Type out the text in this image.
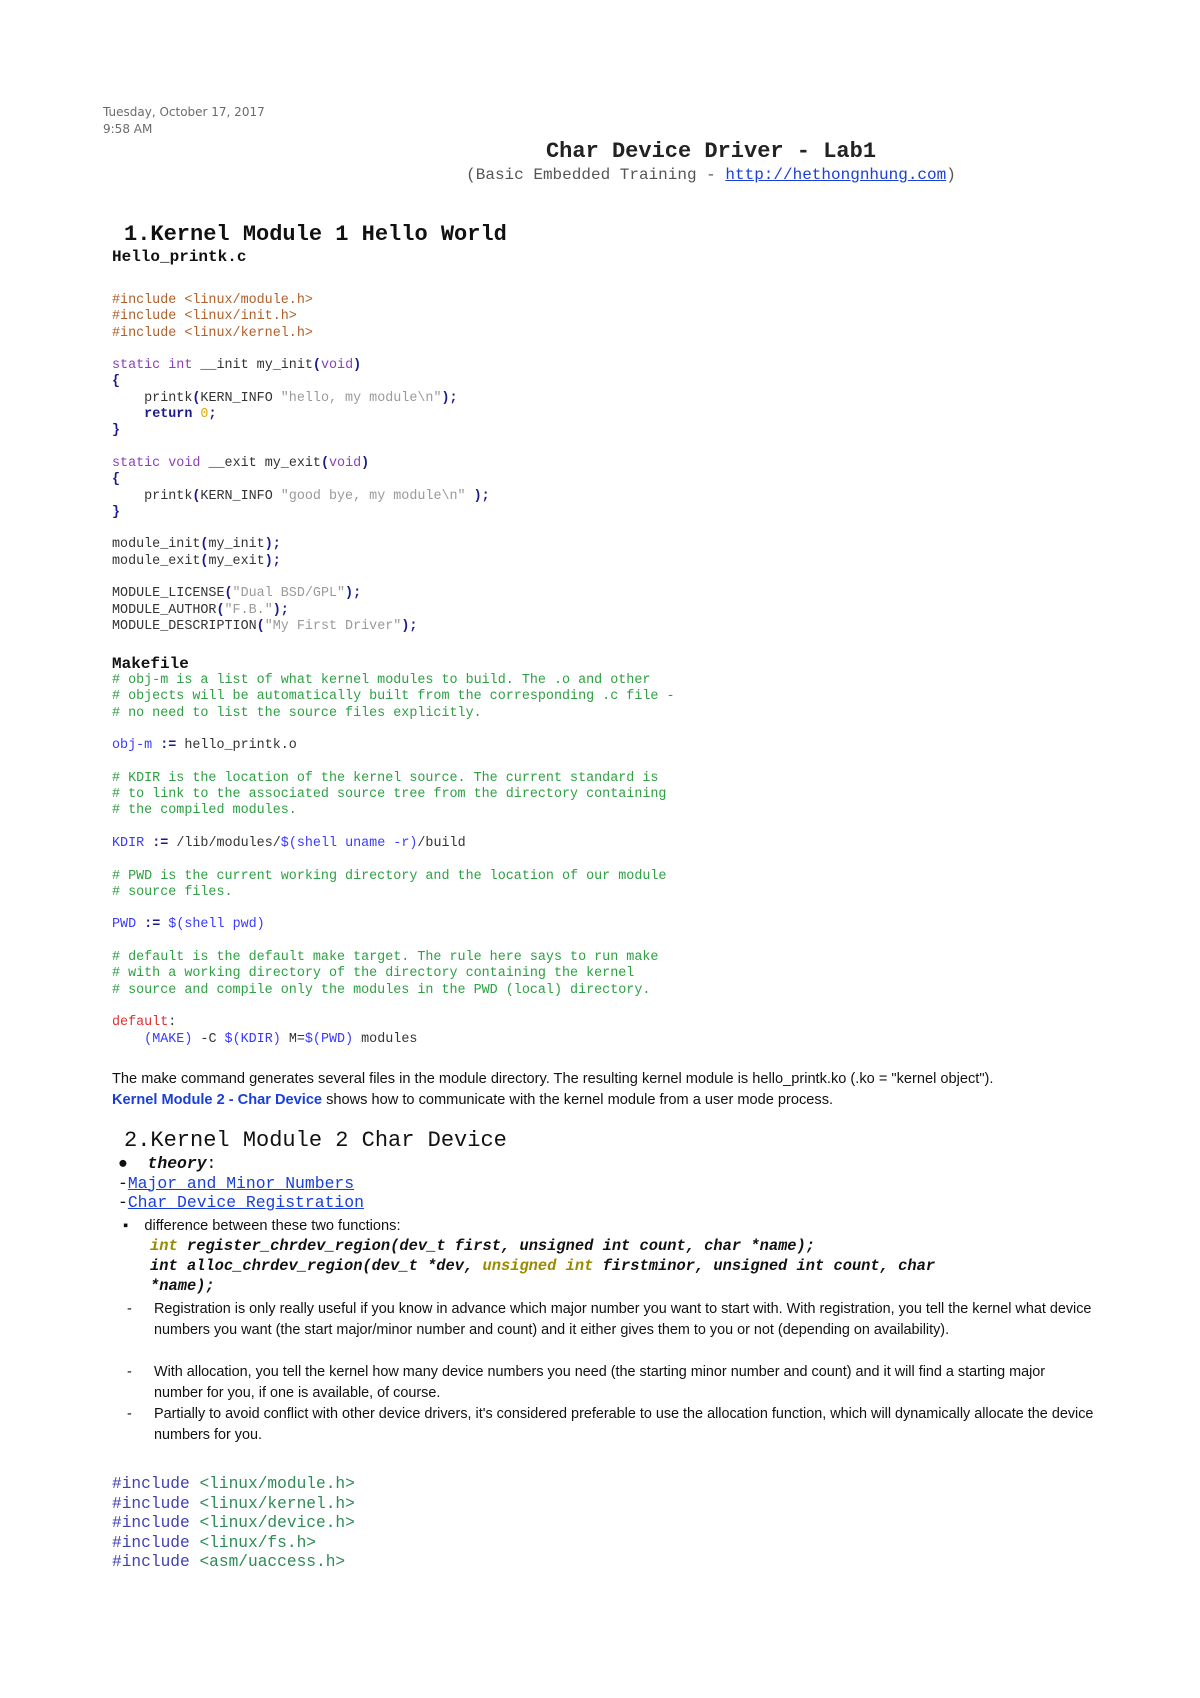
Tuesday, October 17, 2017
9:58 AM
Char Device Driver - Lab1
(Basic Embedded Training - http://hethongnhung.com)
1.Kernel Module 1 Hello World
Hello_printk.c
#include <linux/module.h>
#include <linux/init.h>
#include <linux/kernel.h>

static int __init my_init(void)
{
printk(KERN_INFO "hello, my module\n");
return 0;
}

static void __exit my_exit(void)
{
printk(KERN_INFO "good bye, my module\n" );
}

module_init(my_init);
module_exit(my_exit);

MODULE_LICENSE("Dual BSD/GPL");
MODULE_AUTHOR("F.B.");
MODULE_DESCRIPTION("My First Driver");
Makefile
# obj-m is a list of what kernel modules to build. The .o and other
# objects will be automatically built from the corresponding .c file -
# no need to list the source files explicitly.

obj-m := hello_printk.o

# KDIR is the location of the kernel source. The current standard is
# to link to the associated source tree from the directory containing
# the compiled modules.

KDIR := /lib/modules/$(shell uname -r)/build

# PWD is the current working directory and the location of our module
# source files.

PWD := $(shell pwd)

# default is the default make target. The rule here says to run make
# with a working directory of the directory containing the kernel
# source and compile only the modules in the PWD (local) directory.

default:
(MAKE) -C $(KDIR) M=$(PWD) modules
The make command generates several files in the module directory. The resulting kernel module is hello_printk.ko (.ko = "kernel object").
Kernel Module 2 - Char Device shows how to communicate with the kernel module from a user mode process.
2.Kernel Module 2 Char Device
●  theory:
-Major and Minor Numbers
-Char Device Registration
▪ difference between these two functions:
int register_chrdev_region(dev_t first, unsigned int count, char *name);
int alloc_chrdev_region(dev_t *dev, unsigned int firstminor, unsigned int count, char
*name);
- Registration is only really useful if you know in advance which major number you want to start with. With registration, you tell the kernel what device numbers you want (the start major/minor number and count) and it either gives them to you or not (depending on availability).
- With allocation, you tell the kernel how many device numbers you need (the starting minor number and count) and it will find a starting major number for you, if one is available, of course.
- Partially to avoid conflict with other device drivers, it's considered preferable to use the allocation function, which will dynamically allocate the device numbers for you.
#include <linux/module.h>
#include <linux/kernel.h>
#include <linux/device.h>
#include <linux/fs.h>
#include <asm/uaccess.h>
